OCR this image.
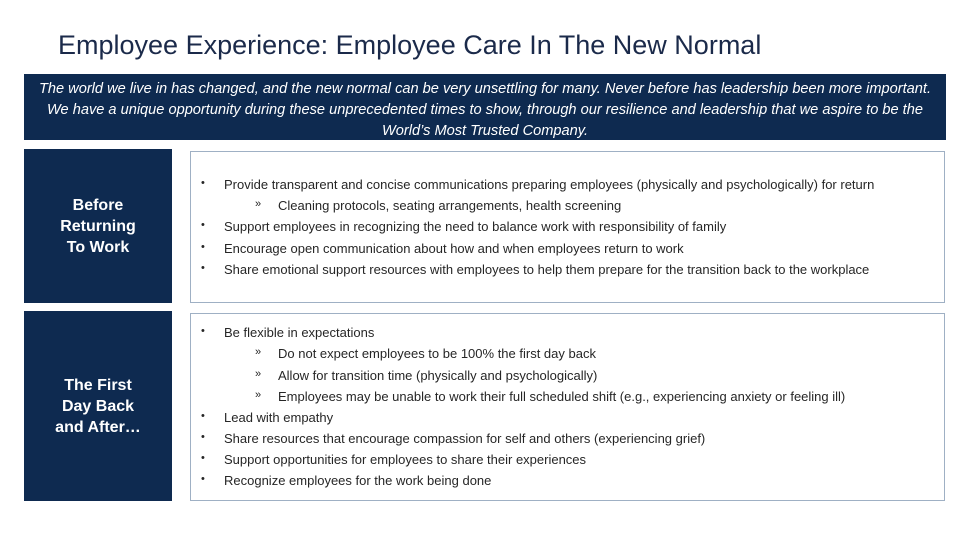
Employee Experience: Employee Care In The New Normal
The world we live in has changed, and the new normal can be very unsettling for many. Never before has leadership been more important. We have a unique opportunity during these unprecedented times to show, through our resilience and leadership that we aspire to be the World’s Most Trusted Company.
Before
Returning
To Work
• Provide transparent and concise communications preparing employees (physically and psychologically) for return
» Cleaning protocols, seating arrangements, health screening
• Support employees in recognizing the need to balance work with responsibility of family
• Encourage open communication about how and when employees return to work
• Share emotional support resources with employees to help them prepare for the transition back to the workplace
The First
Day Back
and After…
• Be flexible in expectations
» Do not expect employees to be 100% the first day back
» Allow for transition time (physically and psychologically)
» Employees may be unable to work their full scheduled shift (e.g., experiencing anxiety or feeling ill)
• Lead with empathy
• Share resources that encourage compassion for self and others (experiencing grief)
• Support opportunities for employees to share their experiences
• Recognize employees for the work being done
